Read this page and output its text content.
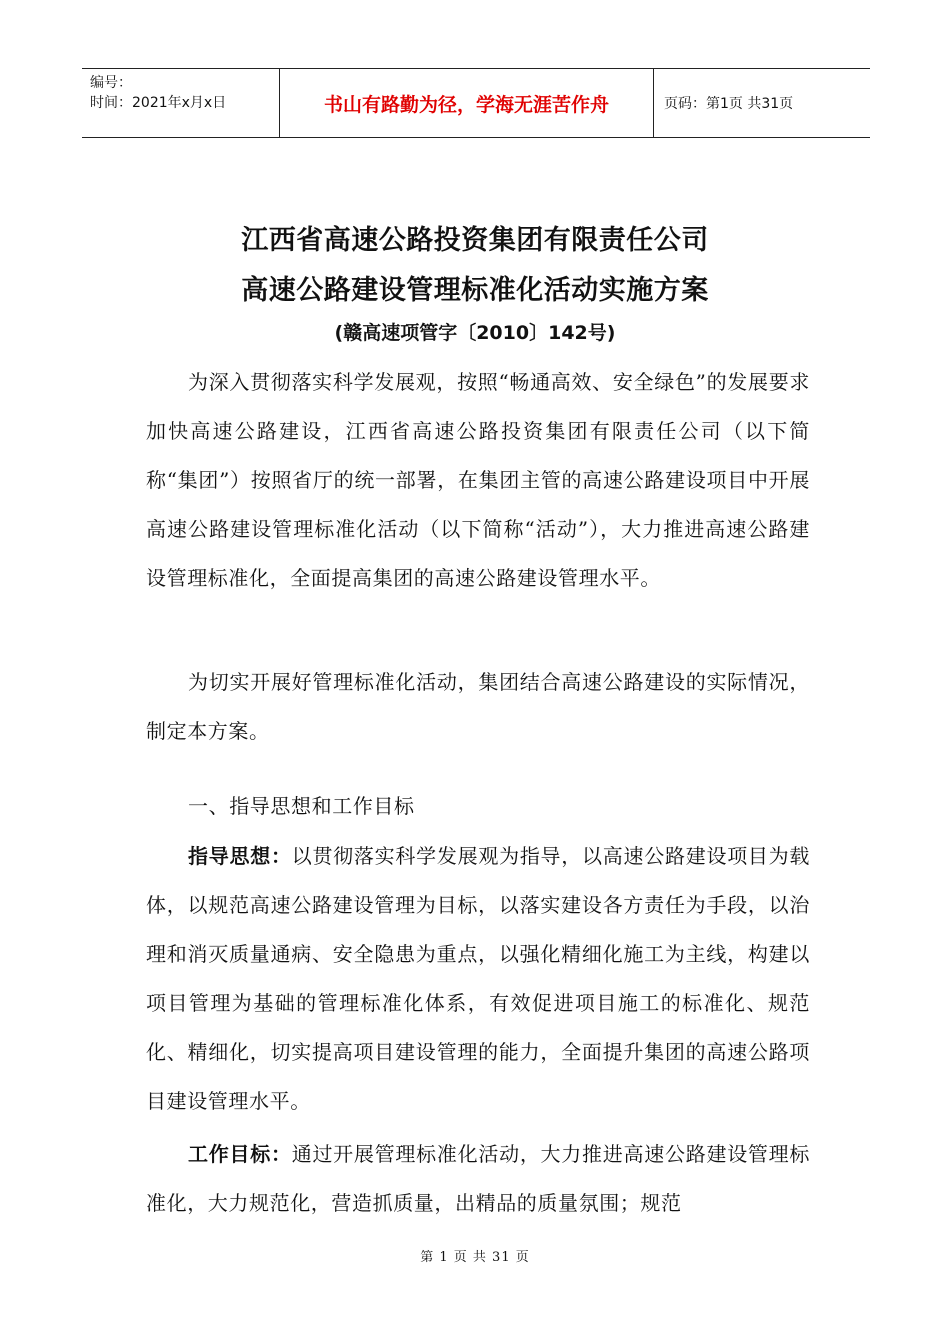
编号：
时间：2021年x月x日	书山有路勤为径，学海无涯苦作舟	页码：第1页 共31页
江西省高速公路投资集团有限责任公司
高速公路建设管理标准化活动实施方案
(赣高速项管字〔2010〕142号)
为深入贯彻落实科学发展观，按照“畅通高效、安全绿色”的发展要求加快高速公路建设，江西省高速公路投资集团有限责任公司（以下简称“集团”）按照省厅的统一部署，在集团主管的高速公路建设项目中开展高速公路建设管理标准化活动（以下简称“活动”），大力推进高速公路建设管理标准化，全面提高集团的高速公路建设管理水平。
为切实开展好管理标准化活动，集团结合高速公路建设的实际情况，制定本方案。
一、指导思想和工作目标
指导思想：以贯彻落实科学发展观为指导，以高速公路建设项目为载体，以规范高速公路建设管理为目标，以落实建设各方责任为手段，以治理和消灭质量通病、安全隐患为重点，以强化精细化施工为主线，构建以项目管理为基础的管理标准化体系，有效促进项目施工的标准化、规范化、精细化，切实提高项目建设管理的能力，全面提升集团的高速公路项目建设管理水平。
工作目标：通过开展管理标准化活动，大力推进高速公路建设管理标准化，大力规范化，营造抓质量，出精品的质量氛围；规范
第 1 页 共 31 页
